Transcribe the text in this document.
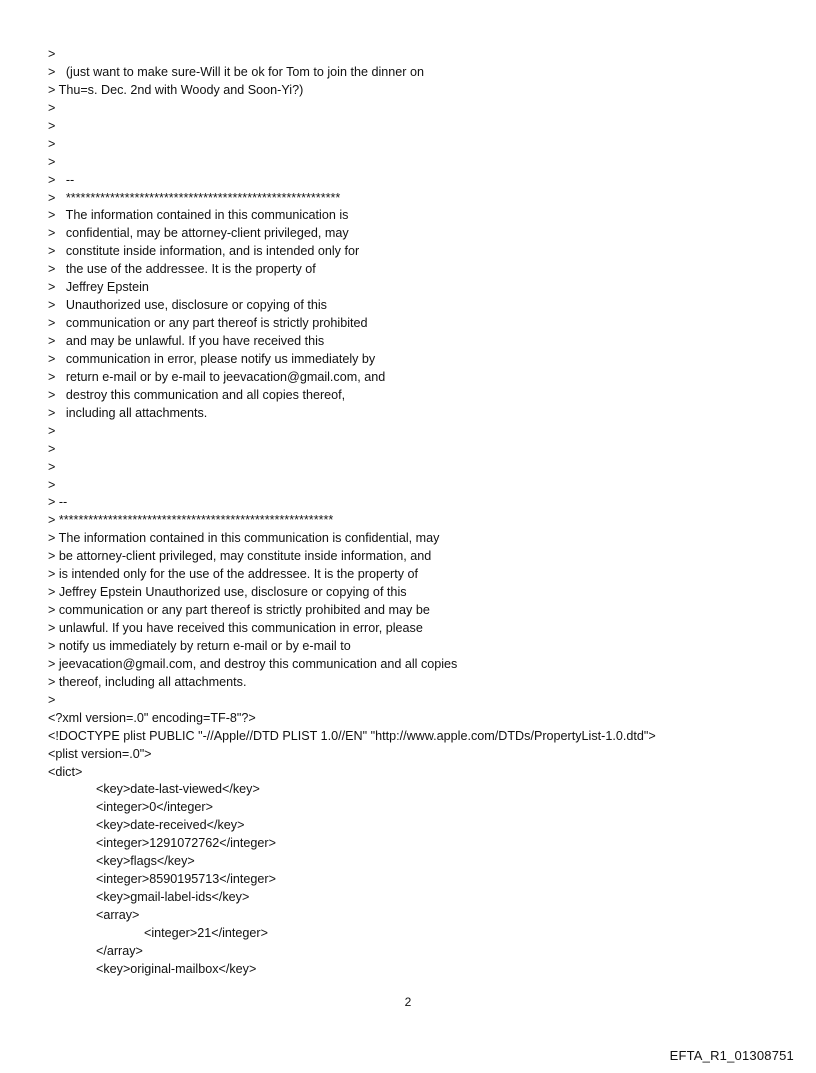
>
>   (just want to make sure-Will it be ok for Tom to join the dinner on
> Thu=s. Dec. 2nd with Woody and Soon-Yi?)
>
>
>
>
>   --
>   ********************************************************
>   The information contained in this communication is
>   confidential, may be attorney-client privileged, may
>   constitute inside information, and is intended only for
>   the use of the addressee. It is the property of
>   Jeffrey Epstein
>   Unauthorized use, disclosure or copying of this
>   communication or any part thereof is strictly prohibited
>   and may be unlawful. If you have received this
>   communication in error, please notify us immediately by
>   return e-mail or by e-mail to jeevacation@gmail.com, and
>   destroy this communication and all copies thereof,
>   including all attachments.
>
>
>
>
> --
> ********************************************************
> The information contained in this communication is confidential, may
> be attorney-client privileged, may constitute inside information, and
> is intended only for the use of the addressee. It is the property of
> Jeffrey Epstein Unauthorized use, disclosure or copying of this
> communication or any part thereof is strictly prohibited and may be
> unlawful. If you have received this communication in error, please
> notify us immediately by return e-mail or by e-mail to
> jeevacation@gmail.com, and destroy this communication and all copies
> thereof, including all attachments.
>
<?xml version=.0" encoding=TF-8"?>
<!DOCTYPE plist PUBLIC "-//Apple//DTD PLIST 1.0//EN" "http://www.apple.com/DTDs/PropertyList-1.0.dtd">
<plist version=.0">
<dict>
<key>date-last-viewed</key>
<integer>0</integer>
<key>date-received</key>
<integer>1291072762</integer>
<key>flags</key>
<integer>8590195713</integer>
<key>gmail-label-ids</key>
<array>
<integer>21</integer>
</array>
<key>original-mailbox</key>
2
EFTA_R1_01308751
